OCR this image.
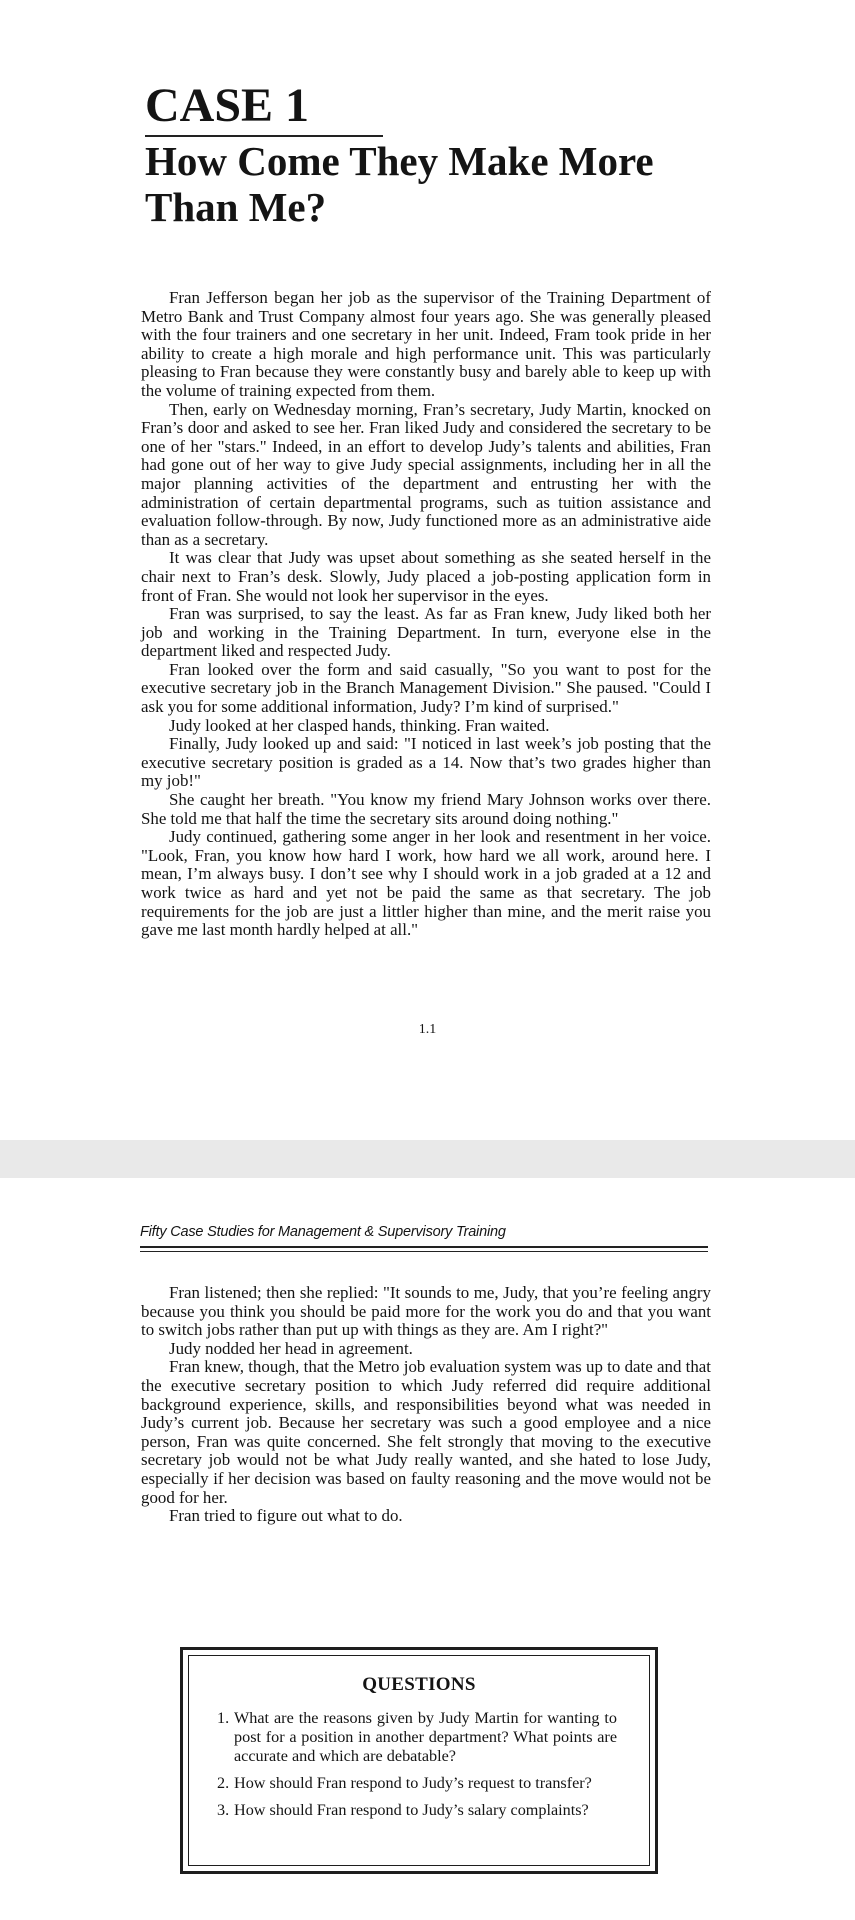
CASE 1
How Come They Make More
Than Me?

Fran Jefferson began her job as the supervisor of the Training Department of Metro Bank and Trust Company almost four years ago. She was generally pleased with the four trainers and one secretary in her unit. Indeed, Fram took pride in her ability to create a high morale and high performance unit. This was particularly pleasing to Fran because they were constantly busy and barely able to keep up with the volume of training expected from them.

Then, early on Wednesday morning, Fran’s secretary, Judy Martin, knocked on Fran’s door and asked to see her. Fran liked Judy and considered the secretary to be one of her "stars." Indeed, in an effort to develop Judy’s talents and abilities, Fran had gone out of her way to give Judy special assignments, including her in all the major planning activities of the department and entrusting her with the administration of certain departmental programs, such as tuition assistance and evaluation follow-through. By now, Judy functioned more as an administrative aide than as a secretary.

It was clear that Judy was upset about something as she seated herself in the chair next to Fran’s desk. Slowly, Judy placed a job-posting application form in front of Fran. She would not look her supervisor in the eyes.

Fran was surprised, to say the least. As far as Fran knew, Judy liked both her job and working in the Training Department. In turn, everyone else in the department liked and respected Judy.

Fran looked over the form and said casually, "So you want to post for the executive secretary job in the Branch Management Division." She paused. "Could I ask you for some additional information, Judy? I’m kind of surprised."

Judy looked at her clasped hands, thinking. Fran waited.

Finally, Judy looked up and said: "I noticed in last week’s job posting that the executive secretary position is graded as a 14. Now that’s two grades higher than my job!"

She caught her breath. "You know my friend Mary Johnson works over there. She told me that half the time the secretary sits around doing nothing."

Judy continued, gathering some anger in her look and resentment in her voice. "Look, Fran, you know how hard I work, how hard we all work, around here. I mean, I’m always busy. I don’t see why I should work in a job graded at a 12 and work twice as hard and yet not be paid the same as that secretary. The job requirements for the job are just a littler higher than mine, and the merit raise you gave me last month hardly helped at all."

1.1
Fifty Case Studies for Management & Supervisory Training

Fran listened; then she replied: "It sounds to me, Judy, that you’re feeling angry because you think you should be paid more for the work you do and that you want to switch jobs rather than put up with things as they are. Am I right?"

Judy nodded her head in agreement.

Fran knew, though, that the Metro job evaluation system was up to date and that the executive secretary position to which Judy referred did require additional background experience, skills, and responsibilities beyond what was needed in Judy’s current job. Because her secretary was such a good employee and a nice person, Fran was quite concerned. She felt strongly that moving to the executive secretary job would not be what Judy really wanted, and she hated to lose Judy, especially if her decision was based on faulty reasoning and the move would not be good for her.

Fran tried to figure out what to do.

QUESTIONS
1. What are the reasons given by Judy Martin for wanting to post for a position in another department? What points are accurate and which are debatable?
2. How should Fran respond to Judy’s request to transfer?
3. How should Fran respond to Judy’s salary complaints?
